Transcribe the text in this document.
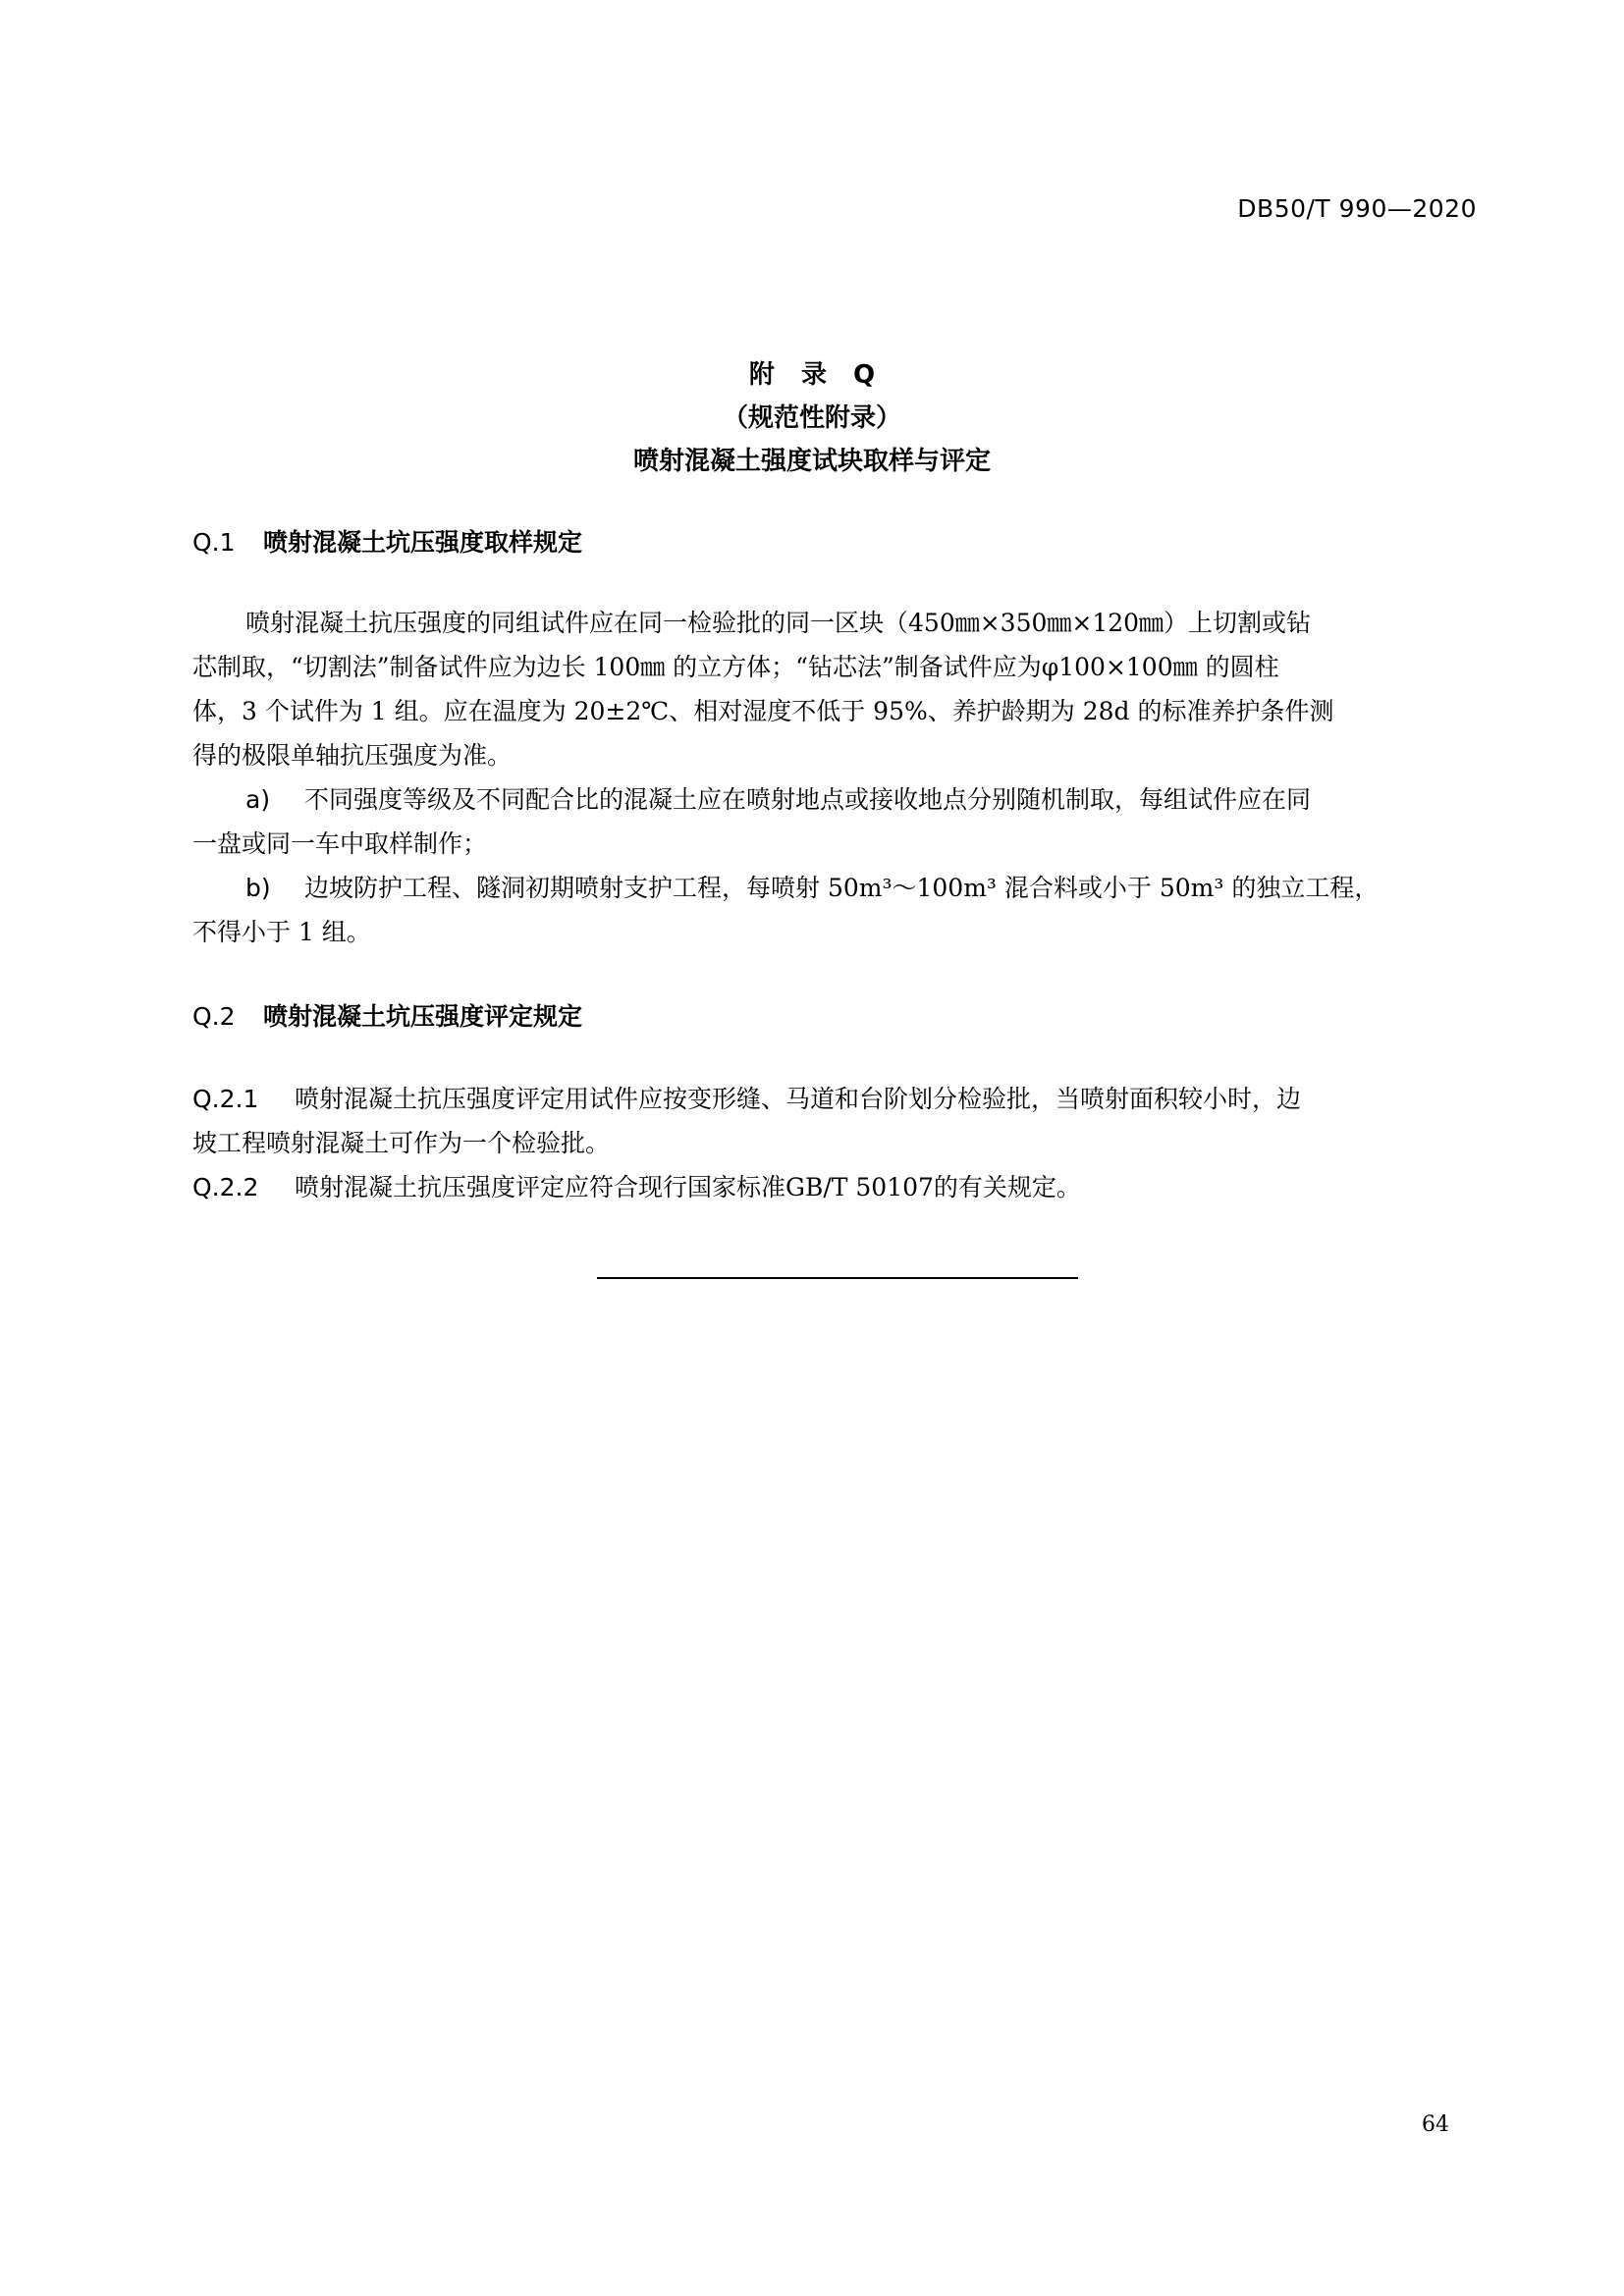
DB50/T 990—2020
附 录 Q
（规范性附录）
喷射混凝土强度试块取样与评定
Q.1 喷射混凝土坑压强度取样规定
喷射混凝土抗压强度的同组试件应在同一检验批的同一区块（450㎜×350㎜×120㎜）上切割或钻
芯制取，“切割法”制备试件应为边长 100㎜ 的立方体；“钻芯法”制备试件应为φ100×100㎜ 的圆柱
体，3 个试件为 1 组。应在温度为 20±2℃、相对湿度不低于 95%、养护龄期为 28d 的标准养护条件测
得的极限单轴抗压强度为准。
a) 不同强度等级及不同配合比的混凝土应在喷射地点或接收地点分别随机制取，每组试件应在同
一盘或同一车中取样制作；
b) 边坡防护工程、隧洞初期喷射支护工程，每喷射 50m³～100m³ 混合料或小于 50m³ 的独立工程，
不得小于 1 组。
Q.2 喷射混凝土坑压强度评定规定
Q.2.1 喷射混凝土抗压强度评定用试件应按变形缝、马道和台阶划分检验批，当喷射面积较小时，边
坡工程喷射混凝土可作为一个检验批。
Q.2.2 喷射混凝土抗压强度评定应符合现行国家标准GB/T 50107的有关规定。
64
